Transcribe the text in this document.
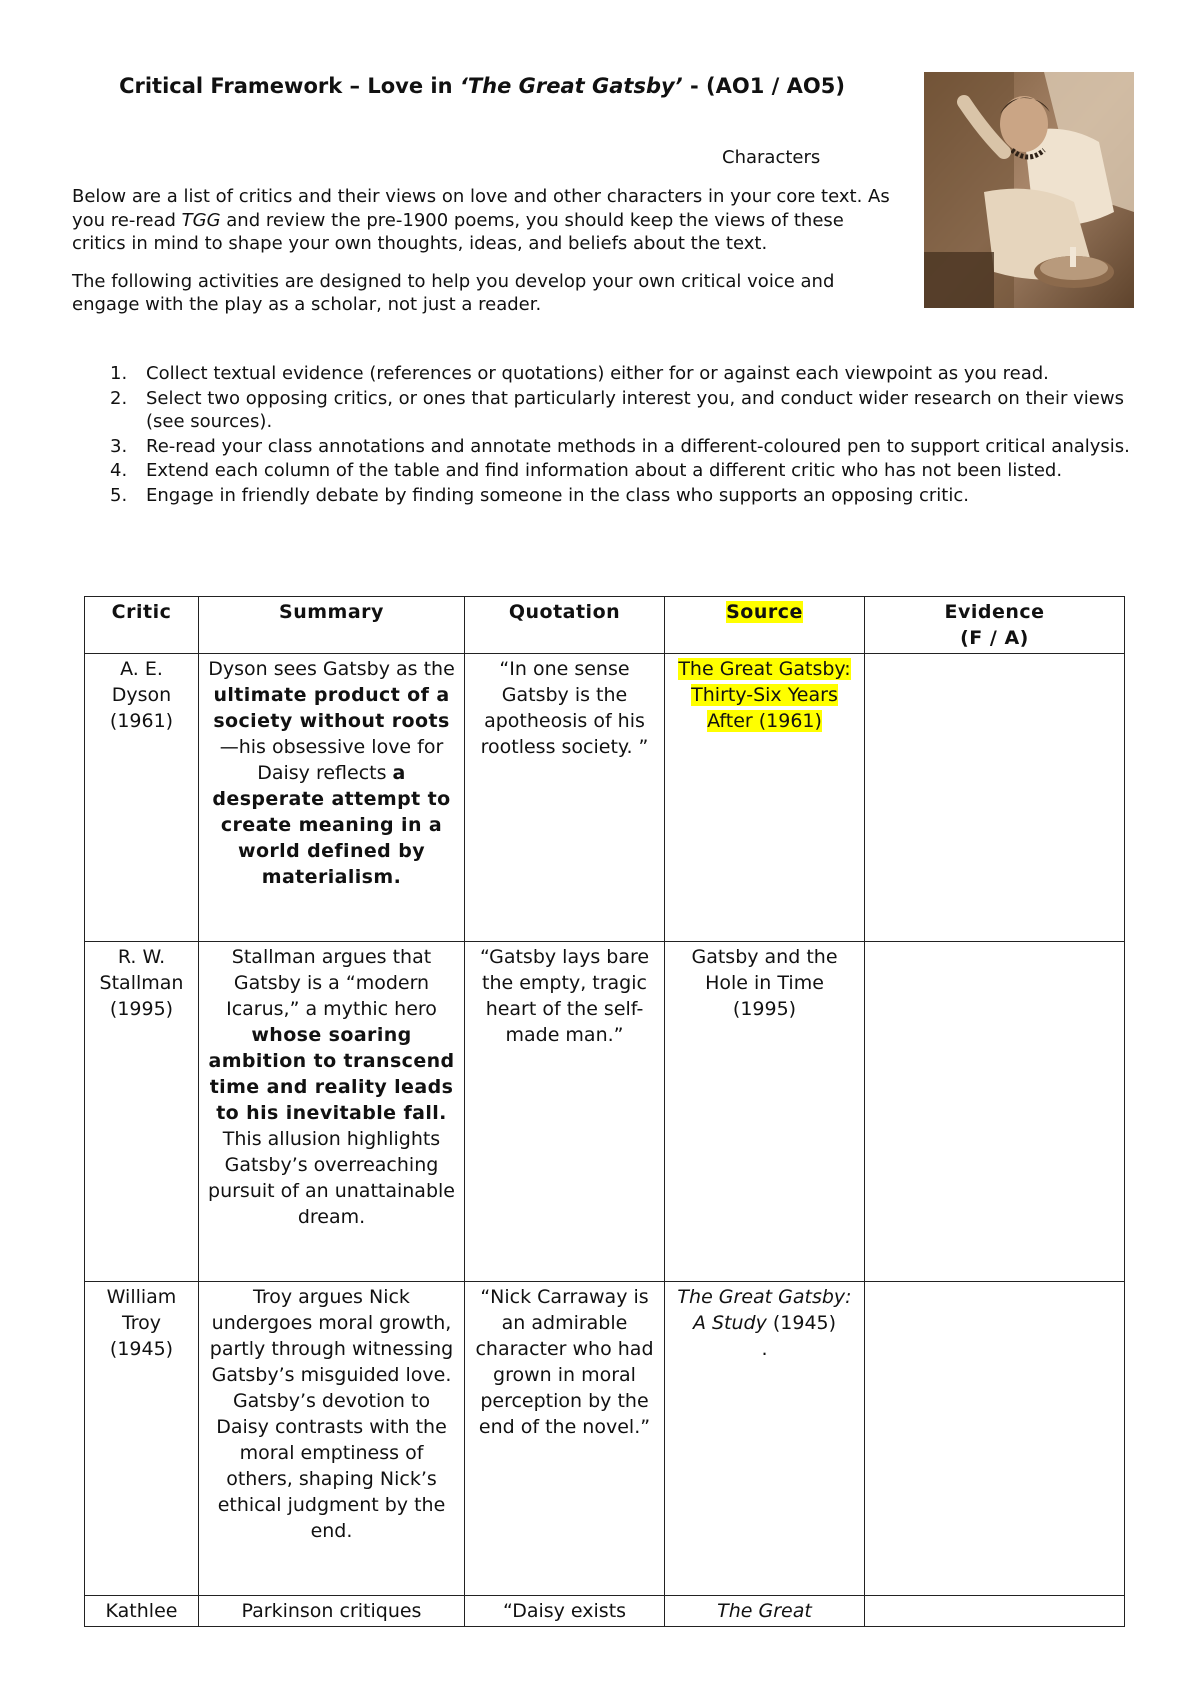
Critical Framework – Love in ‘The Great Gatsby’ - (AO1 / AO5)
Characters

Below are a list of critics and their views on love and other characters in your core text. As you re-read TGG and review the pre-1900 poems, you should keep the views of these critics in mind to shape your own thoughts, ideas, and beliefs about the text.

The following activities are designed to help you develop your own critical voice and engage with the play as a scholar, not just a reader.

1. Collect textual evidence (references or quotations) either for or against each viewpoint as you read.
2. Select two opposing critics, or ones that particularly interest you, and conduct wider research on their views (see sources).
3. Re-read your class annotations and annotate methods in a different-coloured pen to support critical analysis.
4. Extend each column of the table and find information about a different critic who has not been listed.
5. Engage in friendly debate by finding someone in the class who supports an opposing critic.
Critic	Summary	Quotation	Source	Evidence
(F / A)
A. E. Dyson (1961)	Dyson sees Gatsby as the ultimate product of a society without roots—his obsessive love for Daisy reflects a desperate attempt to create meaning in a world defined by materialism.	“In one sense Gatsby is the apotheosis of his rootless society. ”	The Great Gatsby: Thirty-Six Years After (1961)	
R. W. Stallman (1995)	Stallman argues that Gatsby is a “modern Icarus,” a mythic hero whose soaring ambition to transcend time and reality leads to his inevitable fall. This allusion highlights Gatsby’s overreaching pursuit of an unattainable dream.	“Gatsby lays bare the empty, tragic heart of the self-made man.”	Gatsby and the Hole in Time (1995)	
William Troy (1945)	Troy argues Nick undergoes moral growth, partly through witnessing Gatsby’s misguided love. Gatsby’s devotion to Daisy contrasts with the moral emptiness of others, shaping Nick’s ethical judgment by the end.	“Nick Carraway is an admirable character who had grown in moral perception by the end of the novel.”	The Great Gatsby: A Study (1945)
.	
Kathlee	Parkinson critiques	“Daisy exists	The Great	
